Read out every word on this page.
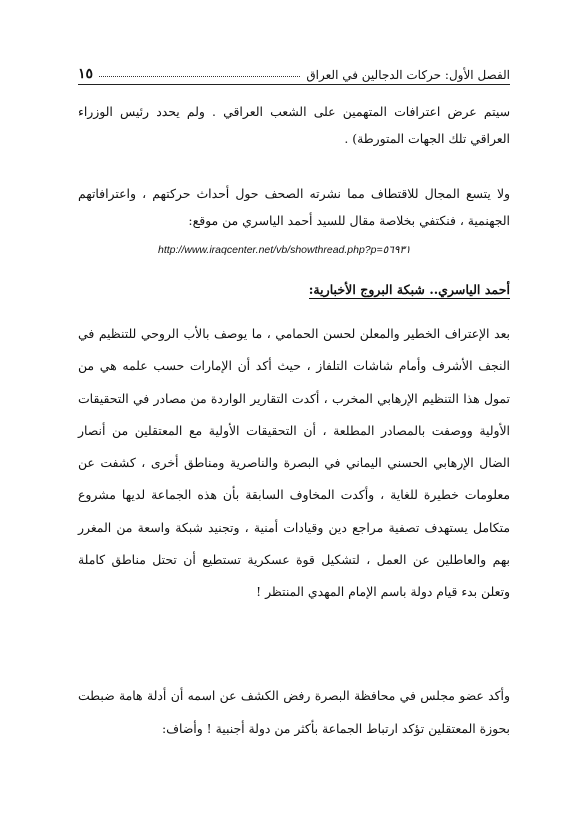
الفصل الأول: حركات الدجالين في العراق
١٥

سيتم عرض اعترافات المتهمين على الشعب العراقي . ولم يحدد رئيس الوزراء العراقي تلك الجهات المتورطة) .

ولا يتسع المجال للاقتطاف مما نشرته الصحف حول أحداث حركتهم ، واعترافاتهم الجهنمية ، فنكتفي بخلاصة مقال للسيد أحمد الياسري من موقع:

http://www.iraqcenter.net/vb/showthread.php?p=٥٦٩٣١
أحمد الياسري.. شبكة البروج الأخبارية:

بعد الإعتراف الخطير والمعلن لحسن الحمامي ، ما يوصف بالأب الروحي للتنظيم في النجف الأشرف وأمام شاشات التلفاز ، حيث أكد أن الإمارات حسب علمه هي من تمول هذا التنظيم الإرهابي المخرب ، أكدت التقارير الواردة من مصادر في التحقيقات الأولية ووصفت بالمصادر المطلعة ، أن التحقيقات الأولية مع المعتقلين من أنصار الضال الإرهابي الحسني اليماني في البصرة والناصرية ومناطق أخرى ، كشفت عن معلومات خطيرة للغاية ، وأكدت المخاوف السابقة بأن هذه الجماعة لديها مشروع متكامل يستهدف تصفية مراجع دين وقيادات أمنية ، وتجنيد شبكة واسعة من المغرر بهم والعاطلين عن العمل ، لتشكيل قوة عسكرية تستطيع أن تحتل مناطق كاملة وتعلن بدء قيام دولة باسم الإمام المهدي المنتظر !

وأكد عضو مجلس في محافظة البصرة رفض الكشف عن اسمه أن أدلة هامة ضبطت بحوزة المعتقلين تؤكد ارتباط الجماعة بأكثر من دولة أجنبية ! وأضاف:
